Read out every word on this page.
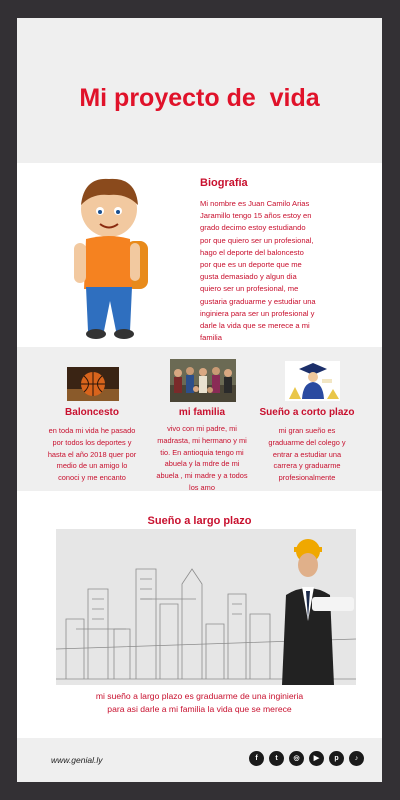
Mi proyecto de  vida
Biografía
Mi nombre es Juan Camilo Arias
Jaramillo tengo 15 años estoy en
grado decimo estoy estudiando
por que quiero ser un profesional,
hago el deporte del baloncesto
por que es un deporte que me
gusta demasiado y algun dia
quiero ser un profesional, me
gustaria graduarme y estudiar una
inginiera para ser un profesional y
darle la vida que se merece a mi
familia
Baloncesto
en toda mi vida he pasado
por todos los deportes y
hasta el año 2018 quer por
medio de un amigo lo
conoci y me encanto
mi familia
vivo con mi padre, mi
madrasta, mi hermano y mi
tio. En antioquia tengo mi
abuela y la mdre de mi
abuela , mi madre y a todos
los amo
Sueño a corto plazo
mi gran sueño es
graduarme del colego y
entrar a estudiar una
carrera y graduarme
profesionalmente
Sueño a largo plazo
mi sueño a largo plazo es graduarme de una inginieria
para asi darle a mi familia la vida que se merece
www.genial.ly	f	t	◎	▶	p	♪
